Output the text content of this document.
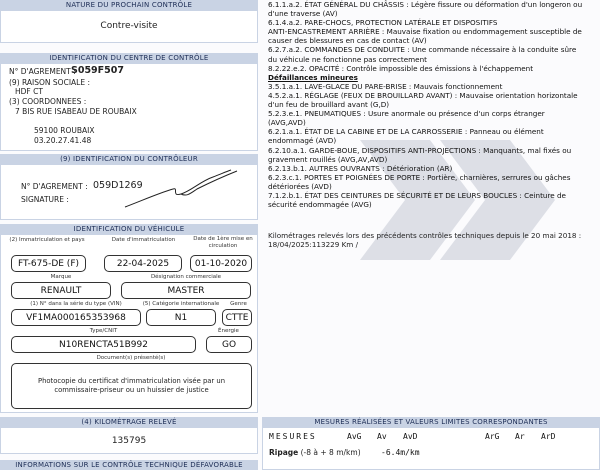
NATURE DU PROCHAIN CONTRÔLE
Contre-visite
IDENTIFICATION DU CENTRE DE CONTRÔLE
N° D'AGREMENT :
S059F507
(9) RAISON SOCIALE :
HDF CT
(3) COORDONNEES :
7 BIS RUE ISABEAU DE ROUBAIX
59100 ROUBAIX
03.20.27.41.48
(9) IDENTIFICATION DU CONTRÔLEUR
N° D'AGREMENT : 059D1269
SIGNATURE :
IDENTIFICATION DU VÉHICULE
(2) Immatriculation et pays	Date d'immatriculation	Date de 1ère mise en circulation
FT-675-DE (F)	22-04-2025	01-10-2020
Marque	Désignation commerciale
RENAULT	MASTER
(1) N° dans la série du type (VIN)	(5) Catégorie internationale	Genre
VF1MA000165353968	N1	CTTE
Type/CNIT	Énergie
N10RENCTA51B992	GO
Document(s) présenté(s)
Photocopie du certificat d'immatriculation visée par un commissaire-priseur ou un huissier de justice
(4) KILOMÉTRAGE RELEVÉ
135795
INFORMATIONS SUR LE CONTRÔLE TECHNIQUE DÉFAVORABLE
6.1.1.a.2. ÉTAT GÉNÉRAL DU CHÂSSIS : Légère fissure ou déformation d'un longeron ou
d'une traverse (AV)
6.1.4.a.2. PARE-CHOCS, PROTECTION LATÉRALE ET DISPOSITIFS
ANTI-ENCASTREMENT ARRIÈRE : Mauvaise fixation ou endommagement susceptible de
causer des blessures en cas de contact (AV)
6.2.7.a.2. COMMANDES DE CONDUITE : Une commande nécessaire à la conduite sûre
du véhicule ne fonctionne pas correctement
8.2.22.e.2. OPACITÉ : Contrôle impossible des émissions à l'échappement
Défaillances mineures
3.5.1.a.1. LAVE-GLACE DU PARE-BRISE : Mauvais fonctionnement
4.5.2.a.1. RÉGLAGE (FEUX DE BROUILLARD AVANT) : Mauvaise orientation horizontale
d'un feu de brouillard avant (G,D)
5.2.3.e.1. PNEUMATIQUES : Usure anormale ou présence d'un corps étranger
(AVG,AVD)
6.2.1.a.1. ÉTAT DE LA CABINE ET DE LA CARROSSERIE : Panneau ou élément
endommagé (AVD)
6.2.10.a.1. GARDE-BOUE, DISPOSITIFS ANTI-PROJECTIONS : Manquants, mal fixés ou
gravement rouillés (AVG,AV,AVD)
6.2.13.b.1. AUTRES OUVRANTS : Détérioration (AR)
6.2.3.c.1. PORTES ET POIGNÉES DE PORTE : Portière, charnières, serrures ou gâches
détériorées (AVD)
7.1.2.b.1. ÉTAT DES CEINTURES DE SÉCURITÉ ET DE LEURS BOUCLES : Ceinture de
sécurité endommagée (AVG)
Kilométrages relevés lors des précédents contrôles techniques depuis le 20 mai 2018 : 18/04/2025:113229 Km /
MESURES RÉALISÉES ET VALEURS LIMITES CORRESPONDANTES
MESURES	AvG Av AvD	ArG Ar ArD
Ripage (-8 à + 8 m/km)	-6.4m/km
